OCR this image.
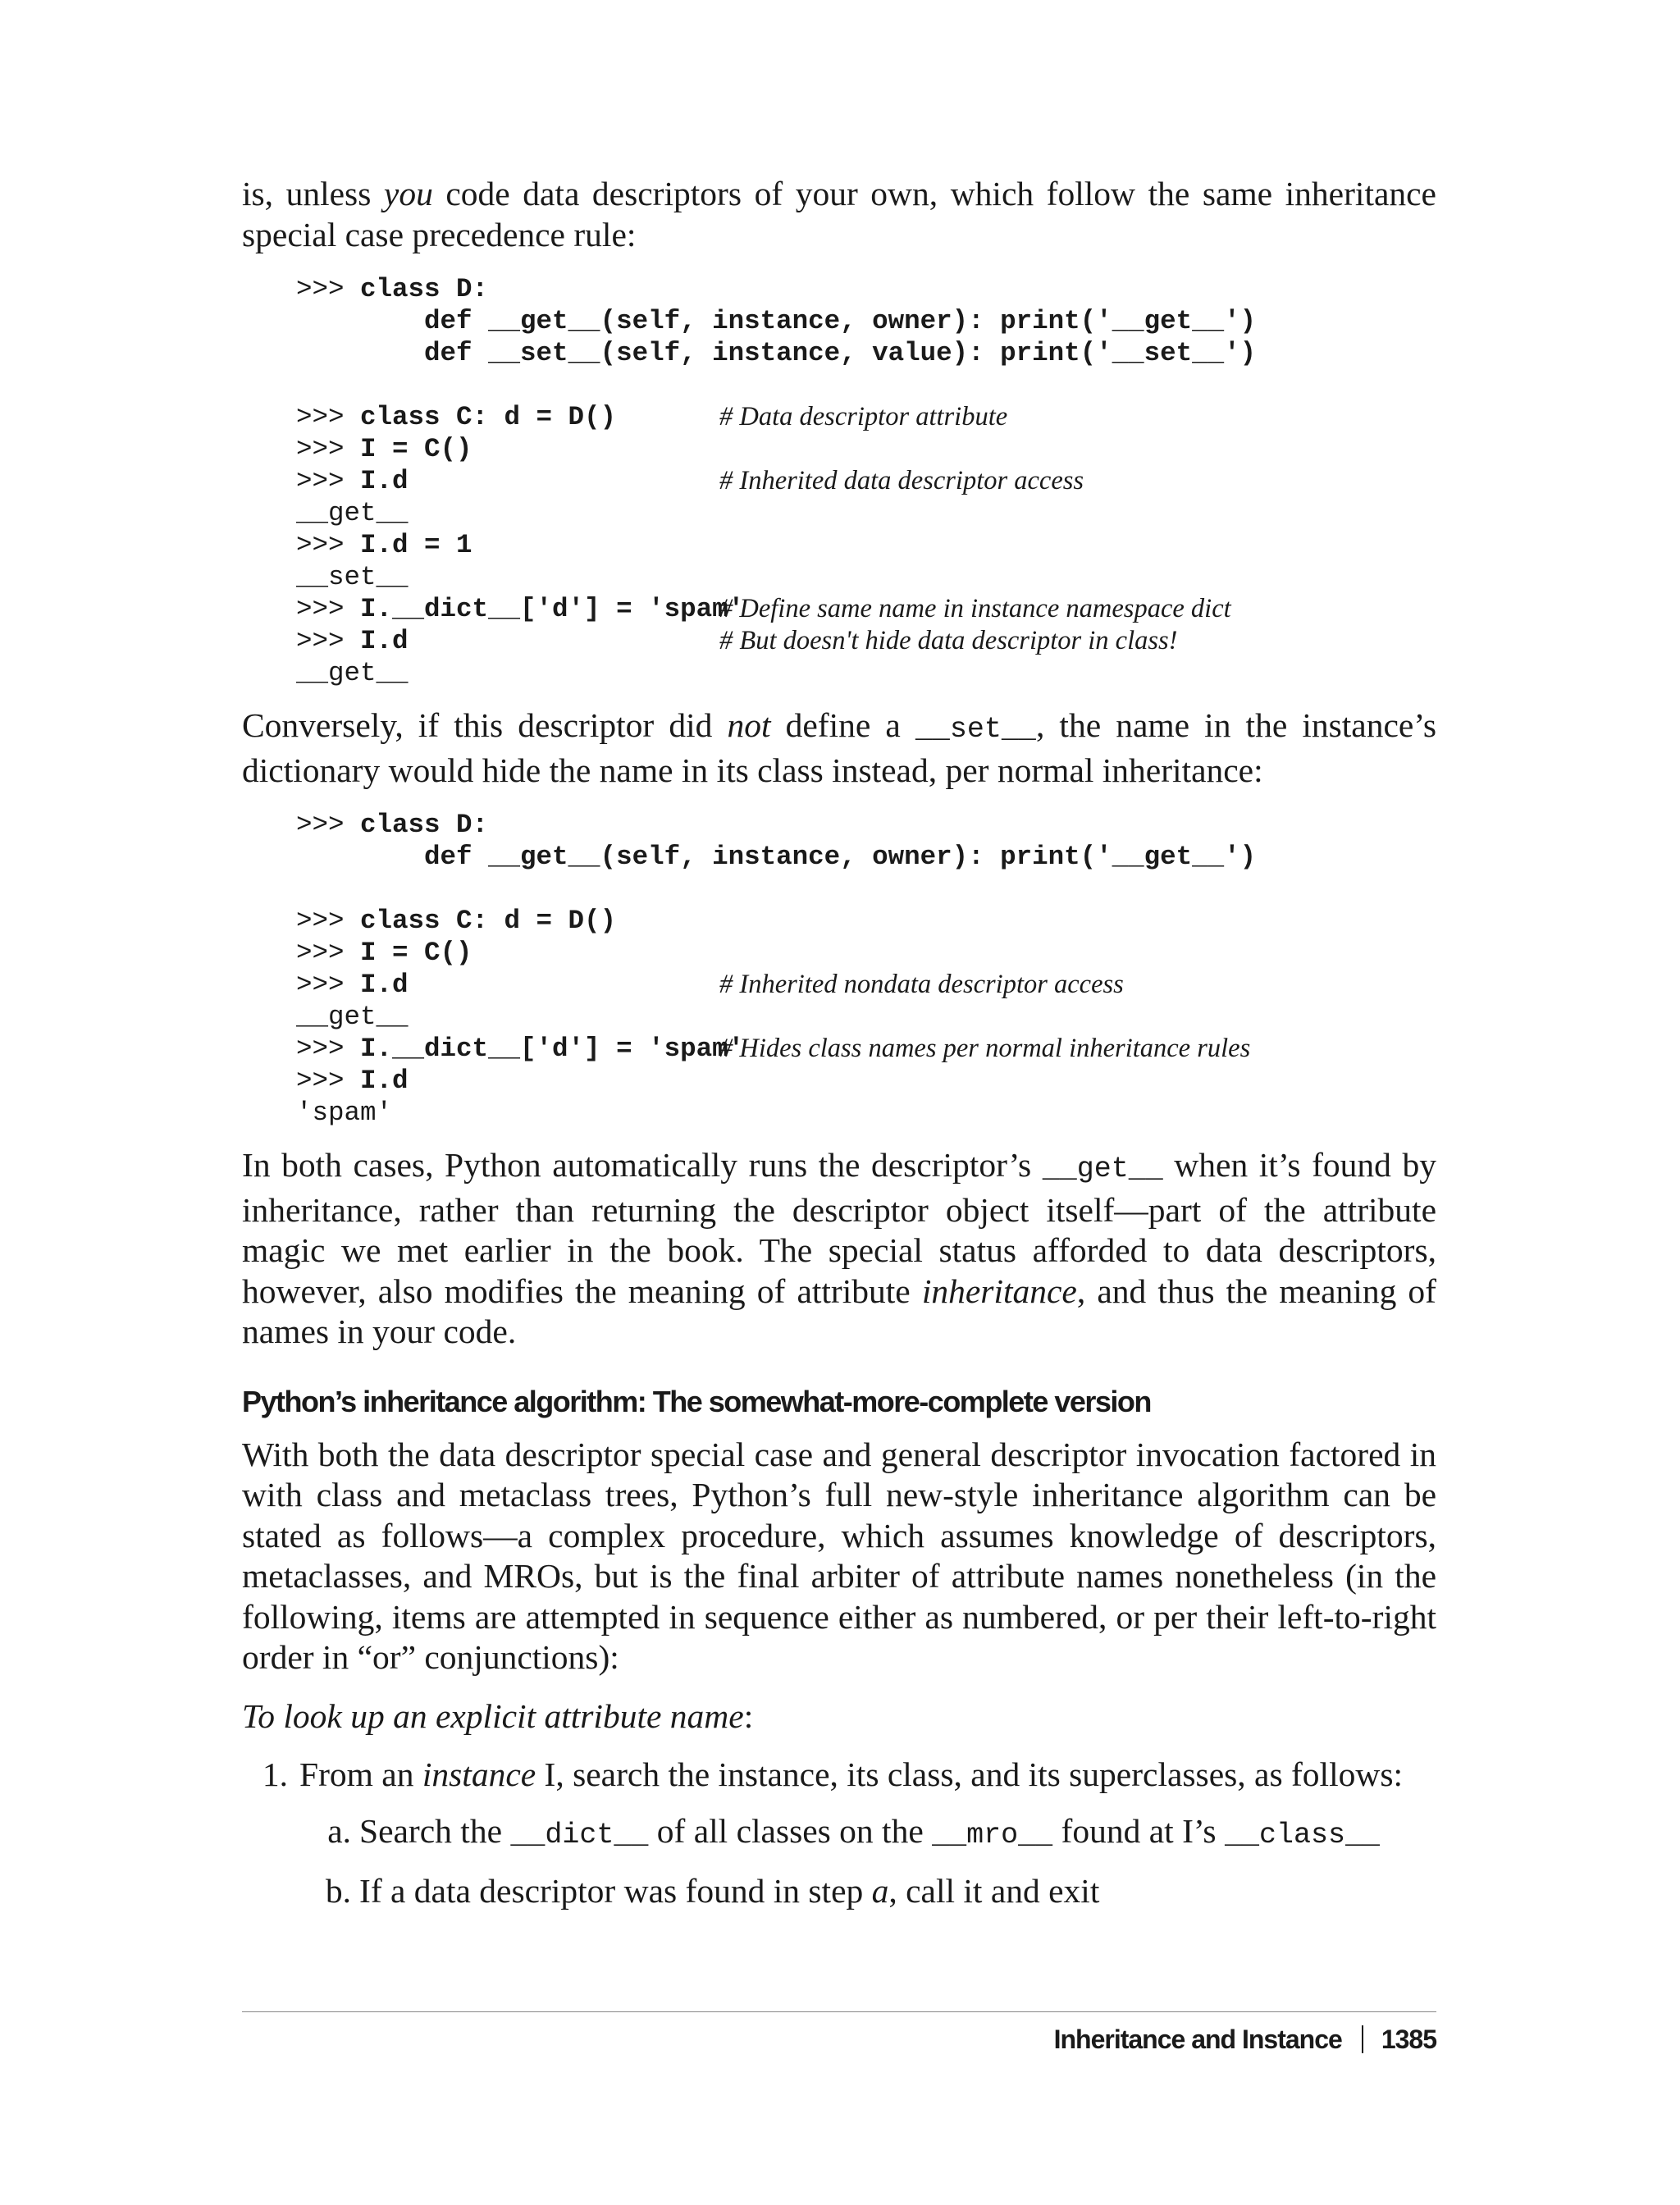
is, unless you code data descriptors of your own, which follow the same inheritance special case precedence rule:

>>> class D:
def __get__(self, instance, owner): print('__get__')
def __set__(self, instance, value): print('__set__')
>>> class C: d = D()	# Data descriptor attribute
>>> I = C()
>>> I.d	# Inherited data descriptor access
__get__
>>> I.d = 1
__set__
>>> I.__dict__['d'] = 'spam'
# Define same name in instance namespace dict
>>> I.d	# But doesn't hide data descriptor in class!
__get__

Conversely, if this descriptor did not define a __set__, the name in the instance’s dictionary would hide the name in its class instead, per normal inheritance:

>>> class D:
def __get__(self, instance, owner): print('__get__')
>>> class C: d = D()
>>> I = C()
>>> I.d	# Inherited nondata descriptor access
__get__
>>> I.__dict__['d'] = 'spam'
# Hides class names per normal inheritance rules
>>> I.d
'spam'

In both cases, Python automatically runs the descriptor’s __get__ when it’s found by inheritance, rather than returning the descriptor object itself—part of the attribute magic we met earlier in the book. The special status afforded to data descriptors, however, also modifies the meaning of attribute inheritance, and thus the meaning of names in your code.

Python’s inheritance algorithm: The somewhat-more-complete version

With both the data descriptor special case and general descriptor invocation factored in with class and metaclass trees, Python’s full new-style inheritance algorithm can be stated as follows—a complex procedure, which assumes knowledge of descriptors, metaclasses, and MROs, but is the final arbiter of attribute names nonetheless (in the following, items are attempted in sequence either as numbered, or per their left-to-right order in “or” conjunctions):

To look up an explicit attribute name:

1. From an instance I, search the instance, its class, and its superclasses, as follows:
a. Search the __dict__ of all classes on the __mro__ found at I’s __class__
b. If a data descriptor was found in step a, call it and exit
Inheritance and Instance 1385
